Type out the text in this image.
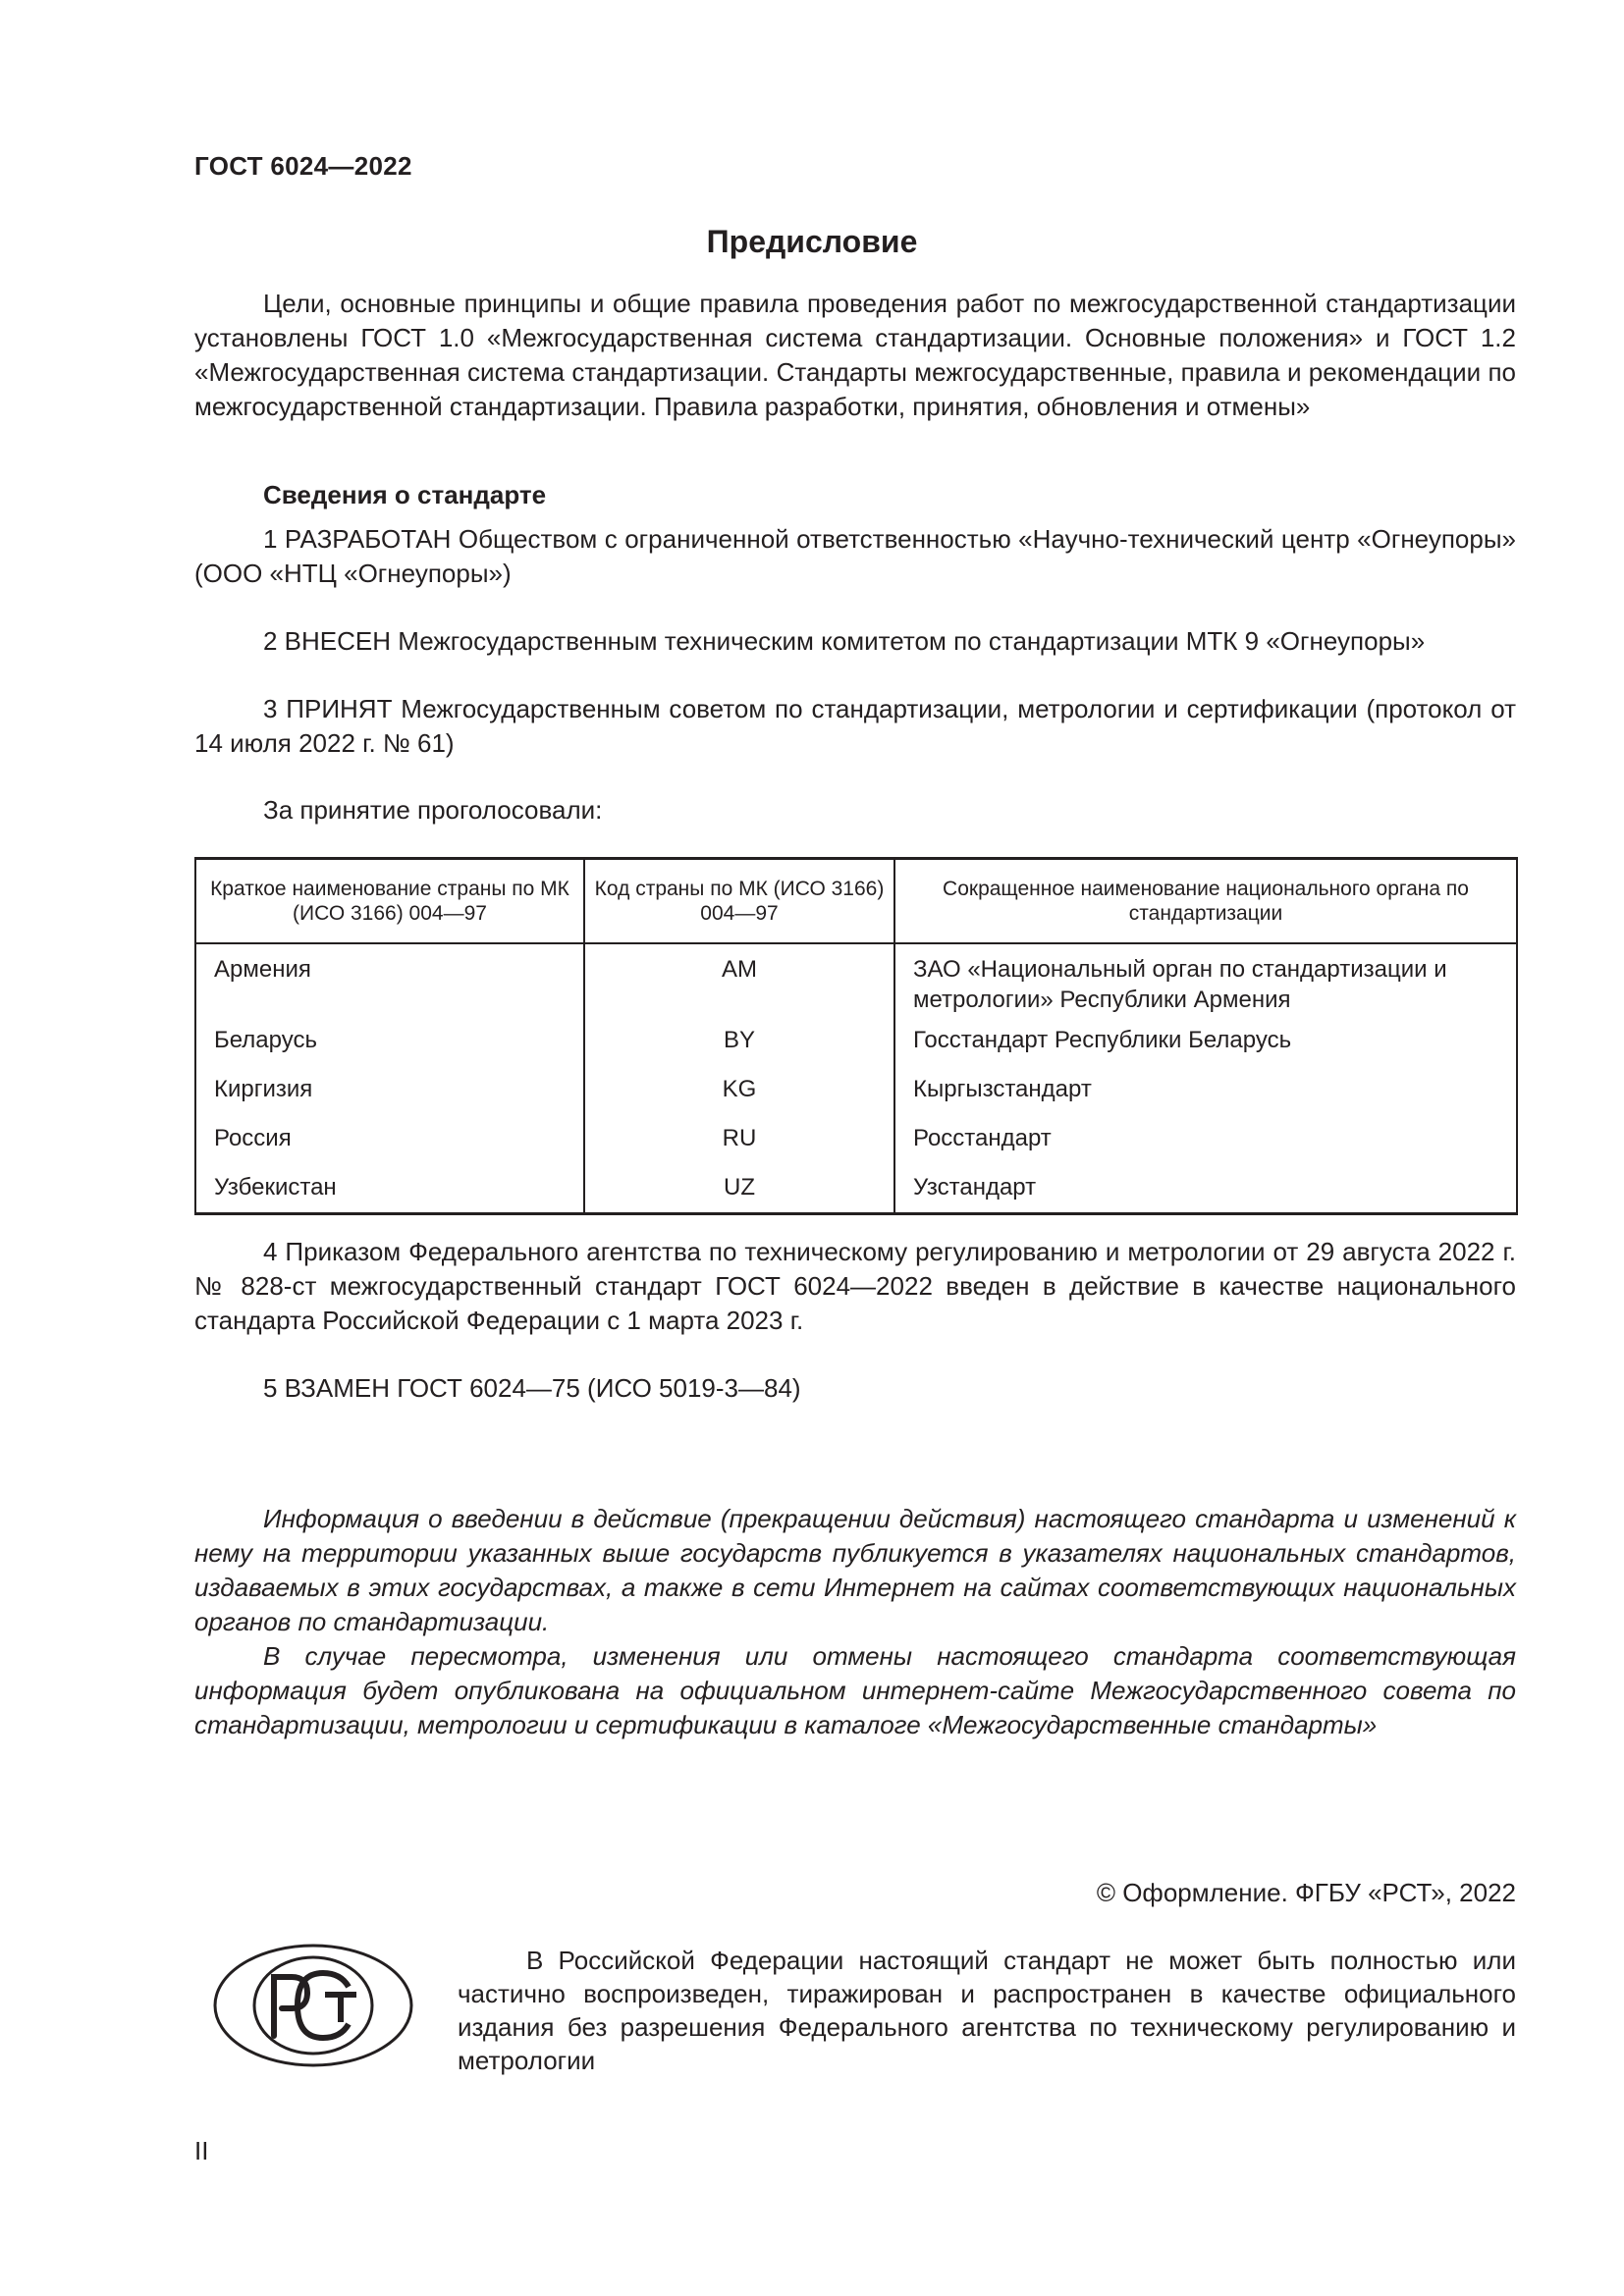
ГОСТ 6024—2022
Предисловие

Цели, основные принципы и общие правила проведения работ по межгосударственной стандартизации установлены ГОСТ 1.0 «Межгосударственная система стандартизации. Основные положения» и ГОСТ 1.2 «Межгосударственная система стандартизации. Стандарты межгосударственные, правила и рекомендации по межгосударственной стандартизации. Правила разработки, принятия, обновления и отмены»

Сведения о стандарте

1 РАЗРАБОТАН Обществом с ограниченной ответственностью «Научно-технический центр «Огнеупоры» (ООО «НТЦ «Огнеупоры»)

2 ВНЕСЕН Межгосударственным техническим комитетом по стандартизации МТК 9 «Огнеупоры»

3 ПРИНЯТ Межгосударственным советом по стандартизации, метрологии и сертификации (протокол от 14 июля 2022 г. № 61)

За принятие проголосовали:

Краткое наименование страны по МК (ИСО 3166) 004—97	Код страны по МК (ИСО 3166) 004—97	Сокращенное наименование национального органа по стандартизации
Армения	AM	ЗАО «Национальный орган по стандартизации и метрологии» Республики Армения
Беларусь	BY	Госстандарт Республики Беларусь
Киргизия	KG	Кыргызстандарт
Россия	RU	Росстандарт
Узбекистан	UZ	Узстандарт

4 Приказом Федерального агентства по техническому регулированию и метрологии от 29 августа 2022 г. № 828-ст межгосударственный стандарт ГОСТ 6024—2022 введен в действие в качестве национального стандарта Российской Федерации с 1 марта 2023 г.

5 ВЗАМЕН ГОСТ 6024—75 (ИСО 5019-3—84)

Информация о введении в действие (прекращении действия) настоящего стандарта и изменений к нему на территории указанных выше государств публикуется в указателях национальных стандартов, издаваемых в этих государствах, а также в сети Интернет на сайтах соответствующих национальных органов по стандартизации.

В случае пересмотра, изменения или отмены настоящего стандарта соответствующая информация будет опубликована на официальном интернет-сайте Межгосударственного совета по стандартизации, метрологии и сертификации в каталоге «Межгосударственные стандарты»

© Оформление. ФГБУ «РСТ», 2022

В Российской Федерации настоящий стандарт не может быть полностью или частично воспроизведен, тиражирован и распространен в качестве официального издания без разрешения Федерального агентства по техническому регулированию и метрологии

II
